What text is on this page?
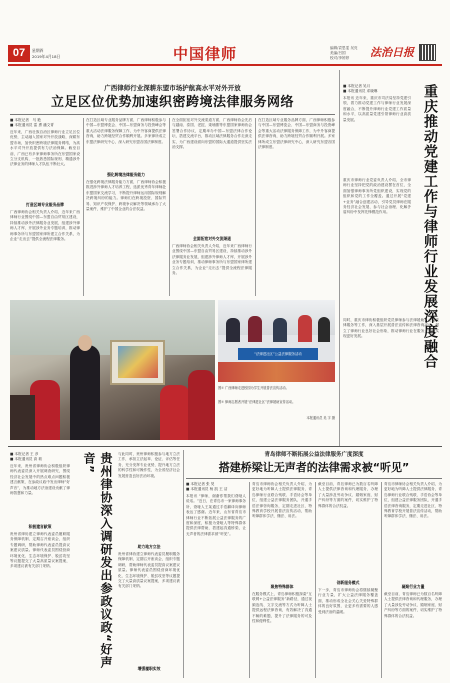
07	星期四
2019年4月18日	中国律师	编辑/袁思雯 吴亮
美编/吕国
校对/李婷婷 法治日报
广西律师行业深耕东盟市场护航高水平对外开放
立足区位优势加速织密跨境法律服务网络
■ 本报记者　马 艳
■ 本报通讯员 雷 勇 潘文青
近年来，广西壮族自治区律师行业立足区位优势，主动融入国家对外开放战略，深耕东盟市场，加快织密跨境法律服务网络，为高水平对外开放提供有力法治保障。截至目前，广西已有多家律师事务所在东盟国家设立分支机构，一批熟悉国际规则、精通涉外法律业务的律师人才队伍不断壮大。
打造区域专业服务品牌
广西律师协会相关负责人介绍，近年来广西律师行业围绕中国—东盟自由贸易区建设，持续推动涉外法律服务业发展，组建涉外律师人才库，开展涉外业务专题培训，推动律师事务所与东盟国家律所建立合作关系，为企业“走出去”提供全流程法律服务。
在打造区域专业服务品牌方面，广西律师积极参与中国—东盟博览会、中国—东盟商务与投资峰会等重大活动法律服务保障工作，为中外客商提供法律咨询，助力跨境经贸合作顺利开展。多家律所成立东盟法律研究中心，深入研究东盟各国法律制度。
强化跨境法律服务能力
在强化跨境法律服务能力方面，广西律师协会积极推进涉外律师人才培养工程，选派优秀青年律师赴东盟国家交流学习，不断提升律师运用国际规则解决跨境纠纷的能力。律师们在跨境投资、国际贸易、知识产权保护、跨境争议解决等领域承办了大量案件，维护了中国企业的合法权益。
在全面拓宽对外交流渠道方面，广西律师协会先后与越南、泰国、老挝、柬埔寨等东盟国家律师协会签署合作协议，定期举办中国—东盟法律合作论坛，搭建交流平台，推动区域法律服务合作走深走实，为广西建设面向东盟的国际大通道提供坚实法治支撑。
全面拓宽对外交流渠道
广西律师协会相关负责人介绍，近年来广西律师行业围绕中国—东盟自由贸易区建设，持续推动涉外法律服务业发展，组建涉外律师人才库，开展涉外业务专题培训，推动律师事务所与东盟国家律所建立合作关系，为企业“走出去”提供全流程法律服务。
在打造区域专业服务品牌方面，广西律师积极参与中国—东盟博览会、中国—东盟商务与投资峰会等重大活动法律服务保障工作，为中外客商提供法律咨询，助力跨境经贸合作顺利开展。多家律所成立东盟法律研究中心，深入研究东盟各国法律制度。
“法律进社区”公益法律服务活动
图① 广西律师走进校园为学生开展普法宣传活动。
图② 律师志愿者开展“法律进社区”法律援助宣传活动。
本报通讯员 吴 宇 摄
■ 本报记者 吴月
■ 本报通讯员 邓晓琳
本报讯 近年来，重庆市司法局坚持党建引领，着力推动党建工作与律师行业发展深度融合，不断提升律师行业党建工作质量和水平，以高质量党建引领律师行业高质量发展。	重庆推动党建工作与律师行业发展深度融合
重庆市律师行业党委负责人介绍，全市律师行业坚持把党的政治建设摆在首位，全面加强律师事务所党组织建设，实现党的组织和党的工作全覆盖。通过开展“党建+业务”融合创建活动，引导党员律师在服务经济社会发展、参与社会治理、化解矛盾纠纷中发挥先锋模范作用。
同时，重庆市律协积极组织党员律师参与法律援助、公益法律服务等工作，深入基层开展普法宣传和法律咨询活动，树立了律师行业良好社会形象，推动律师行业在服务大局中实现更好发展。
■ 本报记者 王 彦
■ 本报通讯员 高 莉
近年来，贵州省律师协会积极组织律师代表委员深入开展调查研究，围绕经济社会发展中的热点难点问题积极建言献策，在参政议政中发出律师“好声音”，为推动地方法治建设贡献了律师智慧和力量。
积极建言献策
贵州省律协建立律师代表委员履职服务保障机制，定期召开座谈会，组织专题调研，帮助律师代表委员提高议案建议质量。律师代表委员围绕营商环境优化、生态环境保护、脱贫攻坚等议题提交了大量高质量议案提案，多项建议被有关部门采纳。	贵州律协深入调研发出参政议政“好声音”	与此同时，贵州律师积极参与地方立法工作，承担立法起草、论证、评估等任务，充分发挥专业优势，提升地方立法的科学性和可操作性，为全省经济社会发展营造良好法治环境。
助力地方立法
贵州省律协建立律师代表委员履职服务保障机制，定期召开座谈会，组织专题调研，帮助律师代表委员提高议案建议质量。律师代表委员围绕营商环境优化、生态环境保护、脱贫攻坚等议题提交了大量高质量议案提案，多项建议被有关部门采纳。
增强履职实效
青岛律师不断拓展公益法律服务广度深度
搭建桥梁让无声者的法律需求被“听见”
■ 本报记者 张 昊
■ 本报通讯员 杨 凯 王 洁
本报讯 “律师，谢谢你帮我们聋哑人说话。”近日，在青岛市一家律师事务所，聋哑人王某通过手语翻译向律师表达了感谢。近年来，山东省青岛市律师行业不断拓展公益法律服务的广度和深度，积极为聋哑人等特殊群体提供法律帮助，搭建起沟通桥梁，让无声者的法律需求被“听见”。
青岛市律师协会相关负责人介绍，为更好地为听障人士提供法律服务，青岛律师行业联合残联、手语协会等单位，组建公益法律服务团队，开通手语法律咨询服务，定期走进社区、特殊教育学校开展普法宣传活动，帮助听障群体学法、懂法、用法。
聚焦特殊群体
在服务模式上，青岛律师积极探索“互联网+公益法律服务”新路径，通过视频连线、文字交流等方式为听障人士提供远程法律咨询，有效解决了沟通不畅的难题，提升了法律服务的可及性和便利性。
截至目前，青岛律师已为数百名听障人士提供法律咨询和代理服务，办理了大量涉及劳动争议、婚姻家庭、财产纠纷等方面的案件，切实维护了特殊群体的合法权益。
创新服务模式
下一步，青岛市律师协会将继续凝聚行业力量，扩大公益法律服务覆盖面，推动形成全社会关心关爱特殊群体的良好氛围，让更多有需要的人感受到法治的温暖。
青岛市律师协会相关负责人介绍，为更好地为听障人士提供法律服务，青岛律师行业联合残联、手语协会等单位，组建公益法律服务团队，开通手语法律咨询服务，定期走进社区、特殊教育学校开展普法宣传活动，帮助听障群体学法、懂法、用法。
凝聚行业力量
截至目前，青岛律师已为数百名听障人士提供法律咨询和代理服务，办理了大量涉及劳动争议、婚姻家庭、财产纠纷等方面的案件，切实维护了特殊群体的合法权益。
